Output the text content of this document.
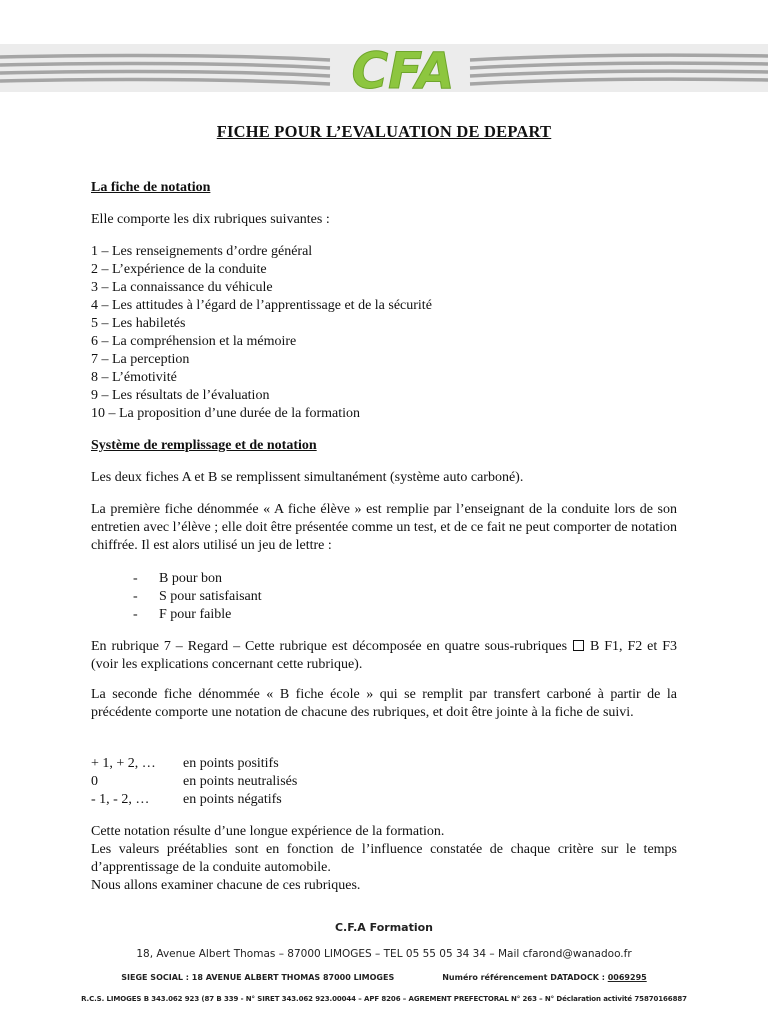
CFA
FICHE POUR L’EVALUATION DE DEPART
La fiche de notation
Elle comporte les dix rubriques suivantes :
1 – Les renseignements d’ordre général
2 – L’expérience de la conduite
3 – La connaissance du véhicule
4 – Les attitudes à l’égard de l’apprentissage et de la sécurité
5 – Les habiletés
6 – La compréhension et la mémoire
7 – La perception
8 – L’émotivité
9 – Les résultats de l’évaluation
10 – La proposition d’une durée de la formation
Système de remplissage et de notation
Les deux fiches A et B se remplissent simultanément (système auto carboné).
La première fiche dénommée « A fiche élève » est remplie par l’enseignant de la conduite lors de son entretien avec l’élève ; elle doit être présentée comme un test, et de ce fait ne peut comporter de notation chiffrée. Il est alors utilisé un jeu de lettre :
-	B pour bon
-	S pour satisfaisant
-	F pour faible
En rubrique 7 – Regard – Cette rubrique est décomposée en quatre sous-rubriques B F1, F2 et F3 (voir les explications concernant cette rubrique).
La seconde fiche dénommée « B fiche école » qui se remplit par transfert carboné à partir de la précédente comporte une notation de chacune des rubriques, et doit être jointe à la fiche de suivi.
+ 1, + 2, …	en points positifs
0	en points neutralisés
- 1, - 2, …	en points négatifs
Cette notation résulte d’une longue expérience de la formation.
Les valeurs préétablies sont en fonction de l’influence constatée de chaque critère sur le temps d’apprentissage de la conduite automobile.
Nous allons examiner chacune de ces rubriques.
C.F.A Formation
18, Avenue Albert Thomas – 87000 LIMOGES – TEL 05 55 05 34 34 – Mail cfarond@wanadoo.fr
SIEGE SOCIAL : 18 AVENUE ALBERT THOMAS 87000 LIMOGES	Numéro référencement DATADOCK : 0069295
R.C.S. LIMOGES B 343.062 923 (87 B 339 - N° SIRET 343.062 923.00044 – APF 8206 – AGREMENT PREFECTORAL N° 263 – N° Déclaration activité 75870166887
